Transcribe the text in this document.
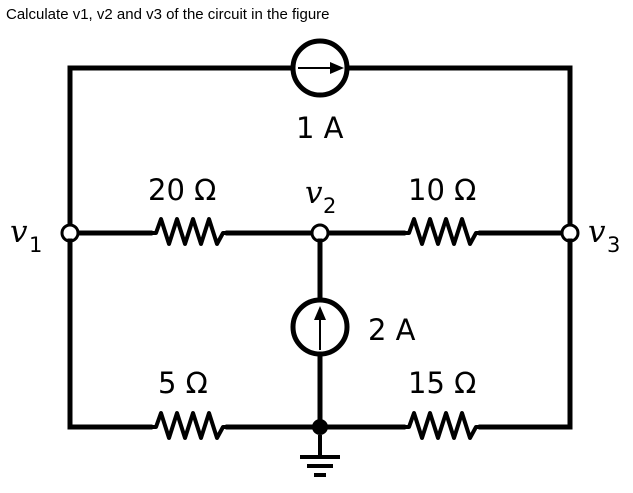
Calculate v1, v2 and v3 of the circuit in the figure
1 A
20 Ω	10 Ω
v 1
v 2
v 3
2 A
5 Ω	15 Ω
